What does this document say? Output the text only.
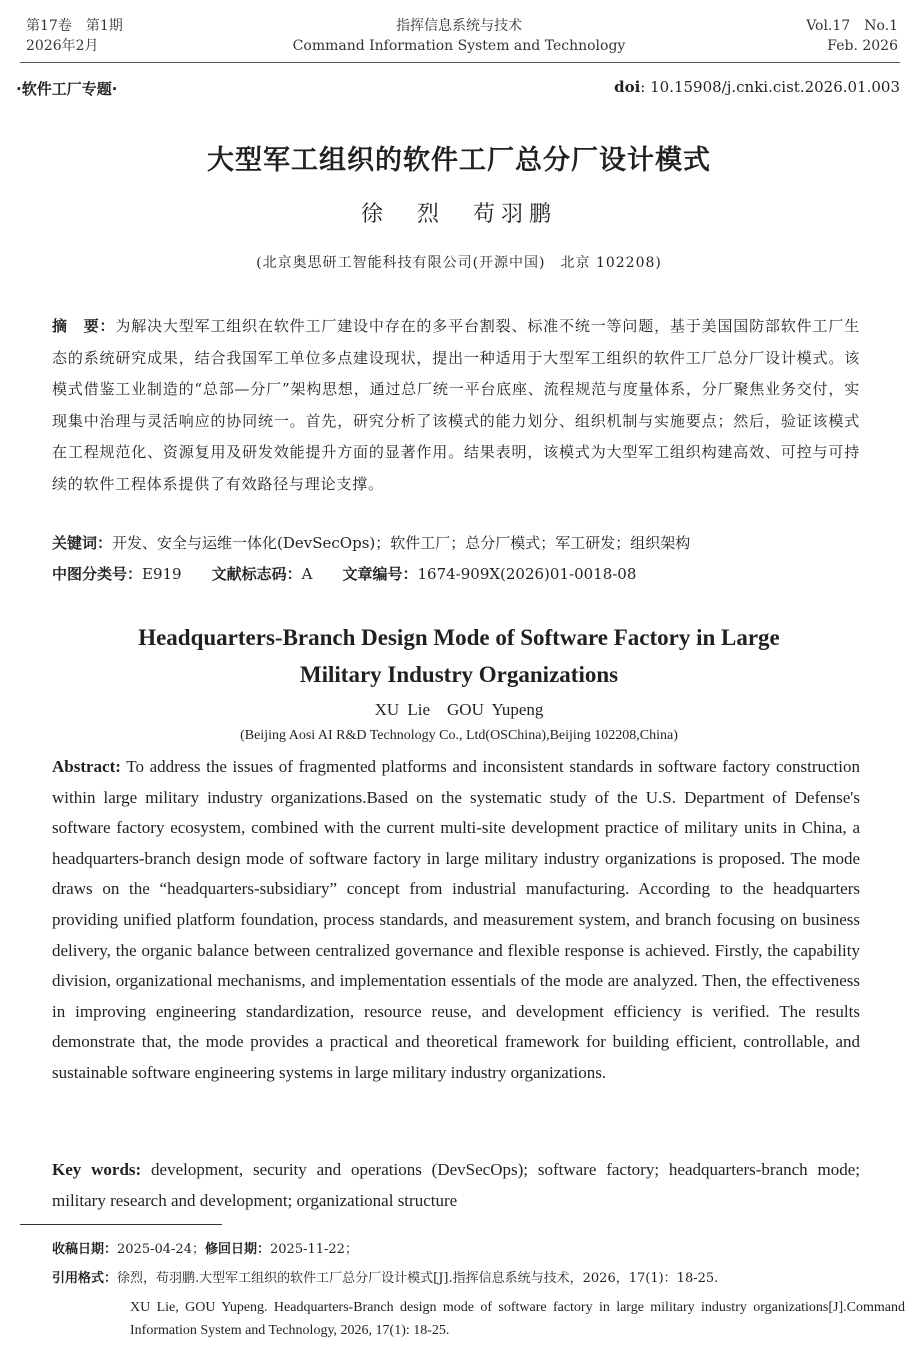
第17卷　第1期
2026年2月
指挥信息系统与技术
Command Information System and Technology
Vol.17　No.1
Feb. 2026
·软件工厂专题·	doi: 10.15908/j.cnki.cist.2026.01.003
大型军工组织的软件工厂总分厂设计模式
徐　烈　苟羽鹏
(北京奥思研工智能科技有限公司(开源中国)　北京 102208)
摘　要：为解决大型军工组织在软件工厂建设中存在的多平台割裂、标准不统一等问题，基于美国国防部软件工厂生态的系统研究成果，结合我国军工单位多点建设现状，提出一种适用于大型军工组织的软件工厂总分厂设计模式。该模式借鉴工业制造的“总部—分厂”架构思想，通过总厂统一平台底座、流程规范与度量体系，分厂聚焦业务交付，实现集中治理与灵活响应的协同统一。首先，研究分析了该模式的能力划分、组织机制与实施要点；然后，验证该模式在工程规范化、资源复用及研发效能提升方面的显著作用。结果表明，该模式为大型军工组织构建高效、可控与可持续的软件工程体系提供了有效路径与理论支撑。
关键词：开发、安全与运维一体化(DevSecOps)；软件工厂；总分厂模式；军工研发；组织架构
中图分类号：E919 文献标志码：A 文章编号：1674-909X(2026)01-0018-08
Headquarters-Branch Design Mode of Software Factory in Large
Military Industry Organizations
XU Lie　GOU Yupeng
(Beijing Aosi AI R&D Technology Co., Ltd(OSChina),Beijing 102208,China)
Abstract: To address the issues of fragmented platforms and inconsistent standards in software factory construction within large military industry organizations.Based on the systematic study of the U.S. Department of Defense's software factory ecosystem, combined with the current multi-site development practice of military units in China, a headquarters-branch design mode of software factory in large military industry organizations is proposed. The mode draws on the “headquarters-subsidiary” concept from industrial manufacturing. According to the headquarters providing unified platform foundation, process standards, and measurement system, and branch focusing on business delivery, the organic balance between centralized governance and flexible response is achieved. Firstly, the capability division, organizational mechanisms, and implementation essentials of the mode are analyzed. Then, the effectiveness in improving engineering standardization, resource reuse, and development efficiency is verified. The results demonstrate that, the mode provides a practical and theoretical framework for building efficient, controllable, and sustainable software engineering systems in large military industry organizations.
Key words: development, security and operations (DevSecOps); software factory; headquarters-branch mode; military research and development; organizational structure
收稿日期：2025-04-24；修回日期：2025-11-22；
引用格式：徐烈，苟羽鹏.大型军工组织的软件工厂总分厂设计模式[J].指挥信息系统与技术，2026，17(1)：18-25.
XU Lie, GOU Yupeng. Headquarters-Branch design mode of software factory in large military industry organizations[J].Command Information System and Technology, 2026, 17(1): 18-25.
